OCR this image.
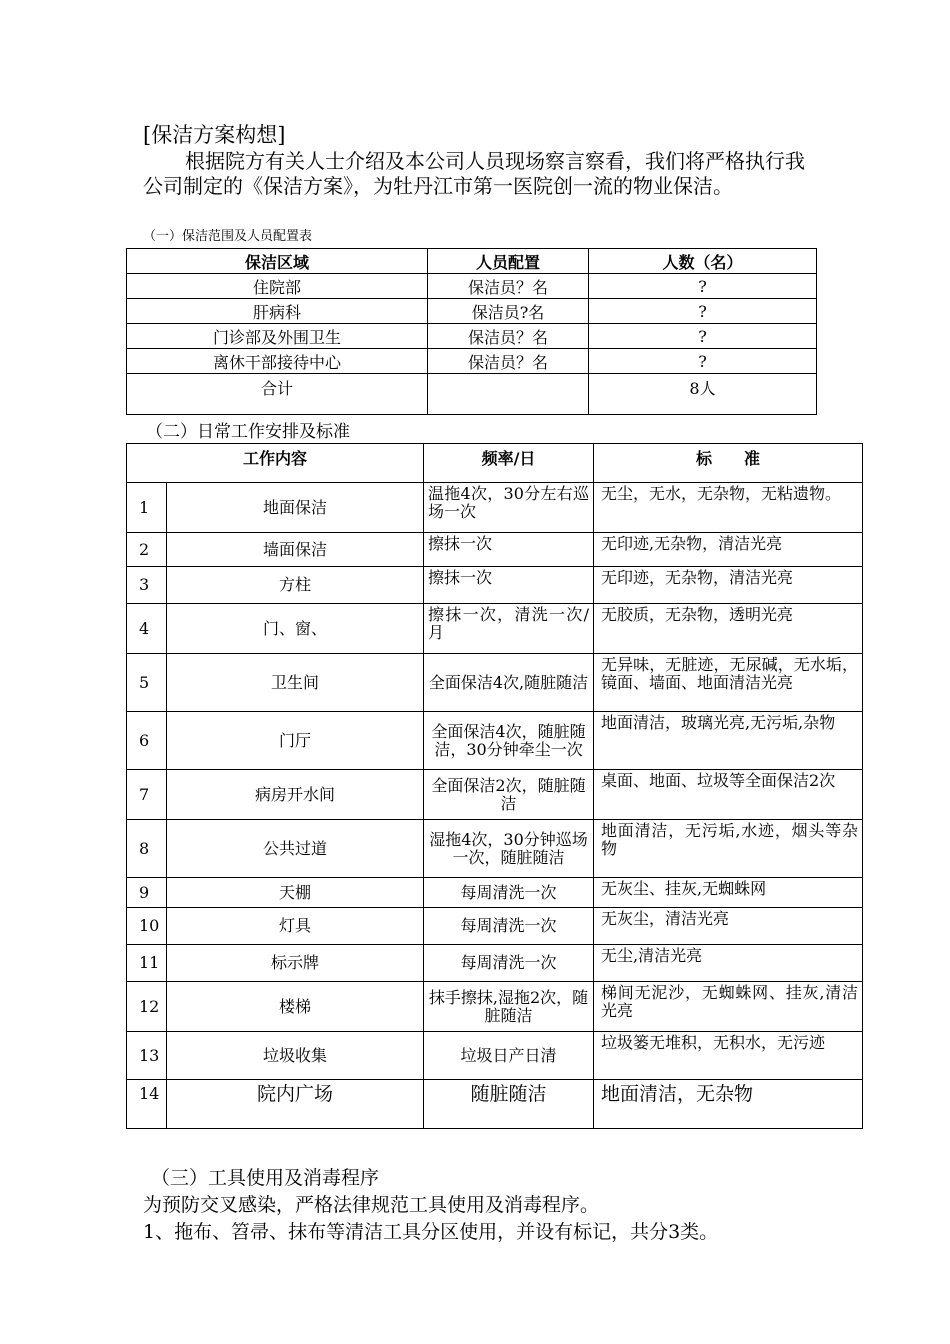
[保洁方案构想]

根据院方有关人士介绍及本公司人员现场察言察看，我们将严格执行我公司制定的《保洁方案》，为牡丹江市第一医院创一流的物业保洁。

（一）保洁范围及人员配置表
保洁区域	人员配置	人数（名）
住院部	保洁员？名	?
肝病科	保洁员?名	?
门诊部及外围卫生	保洁员？名	?
离休干部接待中心	保洁员？名	?
合计		8人
（二）日常工作安排及标准
工作内容		频率/日	标　　准
1	地面保洁	温拖4次，30分左右巡场一次	无尘，无水，无杂物，无粘遗物。
2	墙面保洁	擦抹一次	无印迹,无杂物，清洁光亮
3	方柱	擦抹一次	无印迹，无杂物，清洁光亮
4	门、窗、	擦抹一次，清洗一次/月	无胶质，无杂物，透明光亮
5	卫生间	全面保洁4次,随脏随洁	无异味，无脏迹，无尿碱，无水垢，镜面、墙面、地面清洁光亮
6	门厅	全面保洁4次，随脏随洁，30分钟牵尘一次	地面清洁，玻璃光亮,无污垢,杂物
7	病房开水间	全面保洁2次，随脏随洁	桌面、地面、垃圾等全面保洁2次
8	公共过道	湿拖4次，30分钟巡场一次，随脏随洁	地面清洁，无污垢,水迹，烟头等杂物
9	天棚	每周清洗一次	无灰尘、挂灰,无蜘蛛网
10	灯具	每周清洗一次	无灰尘，清洁光亮
11	标示牌	每周清洗一次	无尘,清洁光亮
12	楼梯	抹手擦抹,湿拖2次，随脏随洁	梯间无泥沙，无蜘蛛网、挂灰,清洁光亮
13	垃圾收集	垃圾日产日清	垃圾篓无堆积，无积水，无污迹
14	院内广场	随脏随洁	地面清洁，无杂物
（三）工具使用及消毒程序
为预防交叉感染，严格法律规范工具使用及消毒程序。
1、拖布、笤帚、抹布等清洁工具分区使用，并设有标记，共分3类。
